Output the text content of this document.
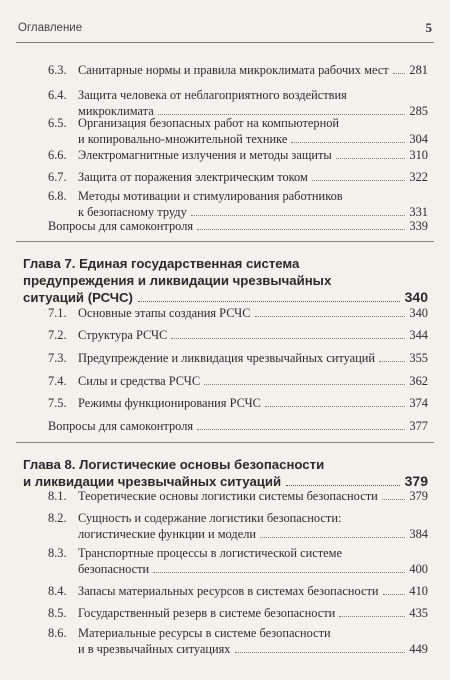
Оглавление	5
6.3. Санитарные нормы и правила микроклимата рабочих мест 281
6.4. Защита человека от неблагоприятного воздействия
микроклимата	285
6.5. Организация безопасных работ на компьютерной
и копировально-множительной технике	304
6.6. Электромагнитные излучения и методы защиты	310
6.7. Защита от поражения электрическим током	322
6.8. Методы мотивации и стимулирования работников
к безопасному труду	331
Вопросы для самоконтроля	339
Глава 7. Единая государственная система
предупреждения и ликвидации чрезвычайных
ситуаций (РСЧС)	340
7.1. Основные этапы создания РСЧС	340
7.2. Структура РСЧС	344
7.3. Предупреждение и ликвидация чрезвычайных ситуаций	355
7.4. Силы и средства РСЧС	362
7.5. Режимы функционирования РСЧС	374
Вопросы для самоконтроля	377
Глава 8. Логистические основы безопасности
и ликвидации чрезвычайных ситуаций	379
8.1. Теоретические основы логистики системы безопасности	379
8.2. Сущность и содержание логистики безопасности:
логистические функции и модели	384
8.3. Транспортные процессы в логистической системе
безопасности	400
8.4. Запасы материальных ресурсов в системах безопасности 410
8.5. Государственный резерв в системе безопасности	435
8.6. Материальные ресурсы в системе безопасности
и в чрезвычайных ситуациях	449
